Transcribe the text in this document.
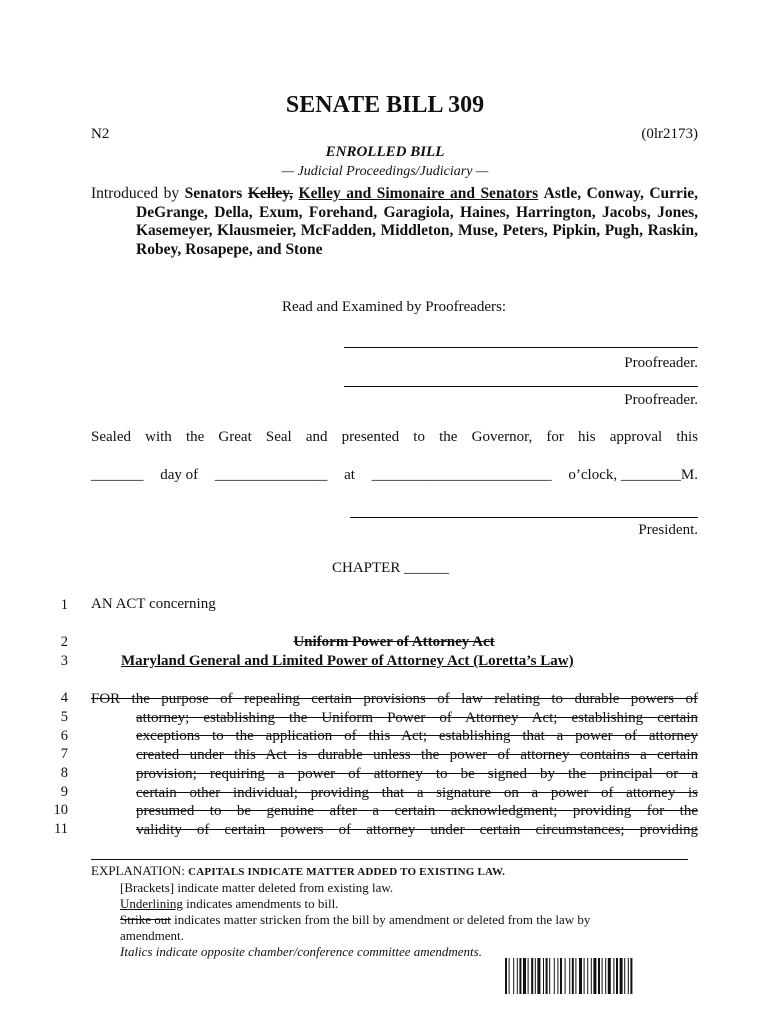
SENATE BILL 309
N2	(0lr2173)
ENROLLED BILL
— Judicial Proceedings/Judiciary —
Introduced by Senators Kelley, Kelley and Simonaire and Senators Astle, Conway, Currie, DeGrange, Della, Exum, Forehand, Garagiola, Haines, Harrington, Jacobs, Jones, Kasemeyer, Klausmeier, McFadden, Middleton, Muse, Peters, Pipkin, Pugh, Raskin, Robey, Rosapepe, and Stone
Read and Examined by Proofreaders:
Proofreader.
Proofreader.
Sealed with the Great Seal and presented to the Governor, for his approval this
_______ day of _______________ at ________________________ o’clock, ________M.
President.
CHAPTER ______
1
2
3
4
5
6
7
8
9
10
11
AN ACT concerning
Uniform Power of Attorney Act
Maryland General and Limited Power of Attorney Act (Loretta’s Law)
FOR the purpose of repealing certain provisions of law relating to durable powers of
attorney; establishing the Uniform Power of Attorney Act; establishing certain
exceptions to the application of this Act; establishing that a power of attorney
created under this Act is durable unless the power of attorney contains a certain
provision; requiring a power of attorney to be signed by the principal or a
certain other individual; providing that a signature on a power of attorney is
presumed to be genuine after a certain acknowledgment; providing for the
validity of certain powers of attorney under certain circumstances; providing
EXPLANATION: CAPITALS INDICATE MATTER ADDED TO EXISTING LAW.
[Brackets] indicate matter deleted from existing law.
Underlining indicates amendments to bill.
Strike out indicates matter stricken from the bill by amendment or deleted from the law by
amendment.
Italics indicate opposite chamber/conference committee amendments.
